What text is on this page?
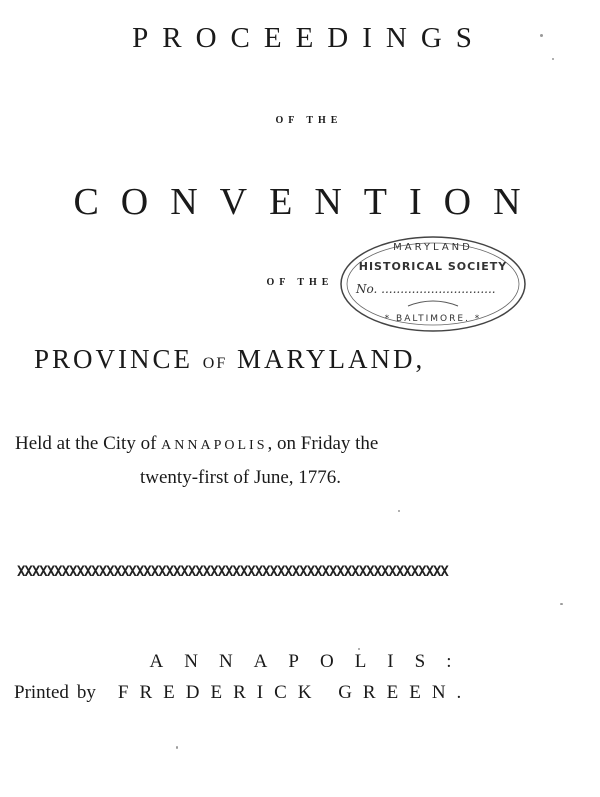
PROCEEDINGS
OF THE
CONVENTION
OF THE
PROVINCE OF MARYLAND,
Held at the City of ANNAPOLIS, on Friday the
twenty-first of June, 1776.
XXXXXXXXXXXXXXXXXXXXXXXXXXXXXXXXXXXXXXXXXXXXXXXXXXXXXXXXXX
ANNAPOLIS:
Printed by FREDERICK GREEN.
MARYLAND
HISTORICAL SOCIETY
No. ..............................
* BALTIMORE. *
